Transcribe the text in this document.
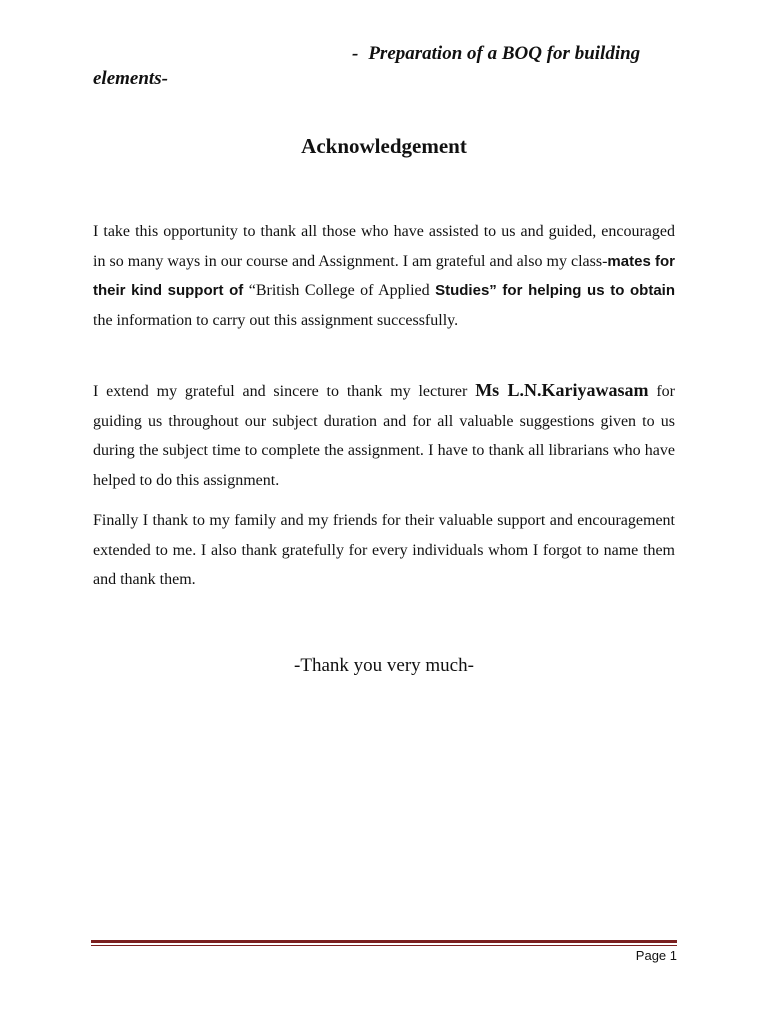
- Preparation of a BOQ for building
elements-
Acknowledgement

I take this opportunity to thank all those who have assisted to us and guided, encouraged in so many ways in our course and Assignment. I am grateful and also my class-mates for their kind support of “British College of Applied Studies” for helping us to obtain the information to carry out this assignment successfully.

I extend my grateful and sincere to thank my lecturer Ms L.N.Kariyawasam for guiding us throughout our subject duration and for all valuable suggestions given to us during the subject time to complete the assignment. I have to thank all librarians who have helped to do this assignment.

Finally I thank to my family and my friends for their valuable support and encouragement extended to me. I also thank gratefully for every individuals whom I forgot to name them and thank them.

-Thank you very much-
Page 1
